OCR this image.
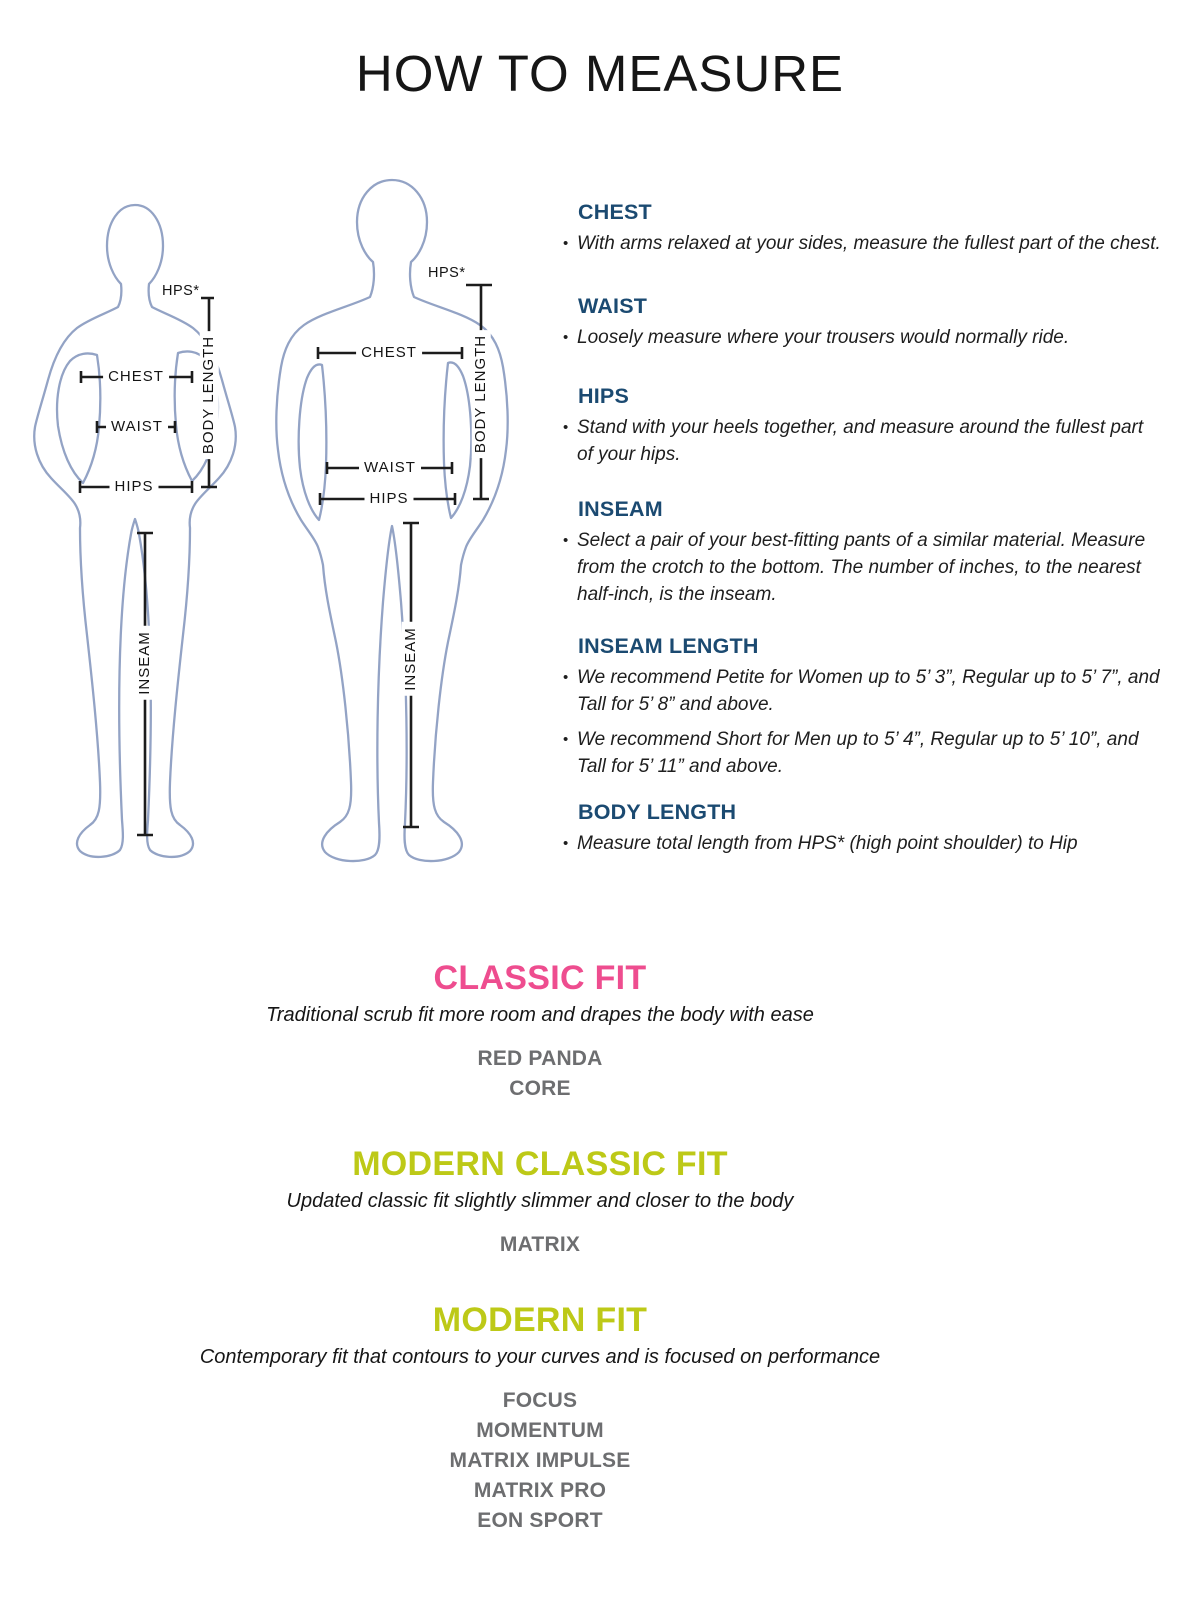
HOW TO MEASURE
HPS*
CHEST
WAIST
HIPS
BODY LENGTH
INSEAM
HPS*
CHEST
WAIST
HIPS
BODY LENGTH
INSEAM
CHEST

• With arms relaxed at your sides, measure the fullest part of the chest.

WAIST

• Loosely measure where your trousers would normally ride.

HIPS

• Stand with your heels together, and measure around the fullest part of your hips.

INSEAM

• Select a pair of your best-fitting pants of a similar material. Measure from the crotch to the bottom. The number of inches, to the nearest half-inch, is the inseam.

INSEAM LENGTH

• We recommend Petite for Women up to 5’ 3”, Regular up to 5’ 7”, and Tall for 5’ 8” and above.

• We recommend Short for Men up to 5’ 4”, Regular up to 5’ 10”, and Tall for 5’ 11” and above.

BODY LENGTH

• Measure total length from HPS* (high point shoulder) to Hip

CLASSIC FIT
Traditional scrub fit more room and drapes the body with ease
RED PANDA
CORE
MODERN CLASSIC FIT
Updated classic fit slightly slimmer and closer to the body
MATRIX
MODERN FIT
Contemporary fit that contours to your curves and is focused on performance
FOCUS
MOMENTUM
MATRIX IMPULSE
MATRIX PRO
EON SPORT
